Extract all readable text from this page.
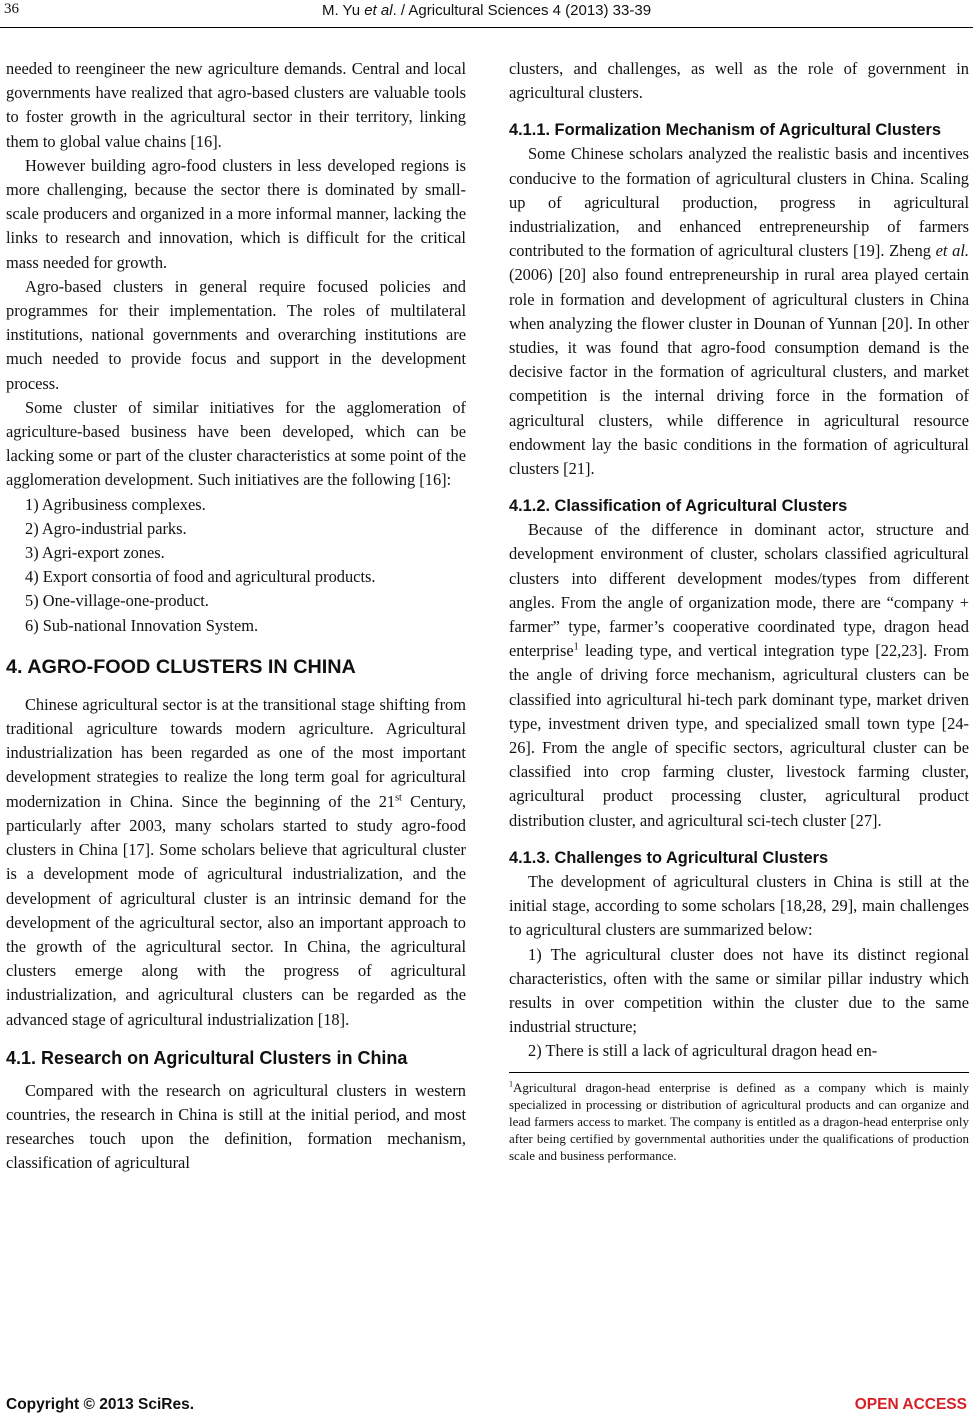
36	M. Yu et al. / Agricultural Sciences 4 (2013) 33-39

needed to reengineer the new agriculture demands. Central and local governments have realized that agro-based clusters are valuable tools to foster growth in the agricultural sector in their territory, linking them to global value chains [16].

However building agro-food clusters in less developed regions is more challenging, because the sector there is dominated by small-scale producers and organized in a more informal manner, lacking the links to research and innovation, which is difficult for the critical mass needed for growth.

Agro-based clusters in general require focused policies and programmes for their implementation. The roles of multilateral institutions, national governments and overarching institutions are much needed to provide focus and support in the development process.

Some cluster of similar initiatives for the agglomeration of agriculture-based business have been developed, which can be lacking some or part of the cluster characteristics at some point of the agglomeration development. Such initiatives are the following [16]:

1) Agribusiness complexes.

2) Agro-industrial parks.

3) Agri-export zones.

4) Export consortia of food and agricultural products.

5) One-village-one-product.

6) Sub-national Innovation System.

4. AGRO-FOOD CLUSTERS IN CHINA

Chinese agricultural sector is at the transitional stage shifting from traditional agriculture towards modern agriculture. Agricultural industrialization has been regarded as one of the most important development strategies to realize the long term goal for agricultural modernization in China. Since the beginning of the 21st Century, particularly after 2003, many scholars started to study agro-food clusters in China [17]. Some scholars believe that agricultural cluster is a development mode of agricultural industrialization, and the development of agricultural cluster is an intrinsic demand for the development of the agricultural sector, also an important approach to the growth of the agricultural sector. In China, the agricultural clusters emerge along with the progress of agricultural industrialization, and agricultural clusters can be regarded as the advanced stage of agricultural industrialization [18].

4.1. Research on Agricultural Clusters in China

Compared with the research on agricultural clusters in western countries, the research in China is still at the initial period, and most researches touch upon the definition, formation mechanism, classification of agricultural

clusters, and challenges, as well as the role of government in agricultural clusters.

4.1.1. Formalization Mechanism of Agricultural Clusters

Some Chinese scholars analyzed the realistic basis and incentives conducive to the formation of agricultural clusters in China. Scaling up of agricultural production, progress in agricultural industrialization, and enhanced entrepreneurship of farmers contributed to the formation of agricultural clusters [19]. Zheng et al. (2006) [20] also found entrepreneurship in rural area played certain role in formation and development of agricultural clusters in China when analyzing the flower cluster in Dounan of Yunnan [20]. In other studies, it was found that agro-food consumption demand is the decisive factor in the formation of agricultural clusters, and market competition is the internal driving force in the formation of agricultural clusters, while difference in agricultural resource endowment lay the basic conditions in the formation of agricultural clusters [21].

4.1.2. Classification of Agricultural Clusters

Because of the difference in dominant actor, structure and development environment of cluster, scholars classified agricultural clusters into different development modes/types from different angles. From the angle of organization mode, there are “company + farmer” type, farmer’s cooperative coordinated type, dragon head enterprise$^1$ leading type, and vertical integration type [22,23]. From the angle of driving force mechanism, agricultural clusters can be classified into agricultural hi-tech park dominant type, market driven type, investment driven type, and specialized small town type [24-26]. From the angle of specific sectors, agricultural cluster can be classified into crop farming cluster, livestock farming cluster, agricultural product processing cluster, agricultural product distribution cluster, and agricultural sci-tech cluster [27].

4.1.3. Challenges to Agricultural Clusters

The development of agricultural clusters in China is still at the initial stage, according to some scholars [18,28, 29], main challenges to agricultural clusters are summarized below:

1) The agricultural cluster does not have its distinct regional characteristics, often with the same or similar pillar industry which results in over competition within the cluster due to the same industrial structure;

2) There is still a lack of agricultural dragon head en-

$^1$Agricultural dragon-head enterprise is defined as a company which is mainly specialized in processing or distribution of agricultural products and can organize and lead farmers access to market. The company is entitled as a dragon-head enterprise only after being certified by governmental authorities under the qualifications of production scale and business performance.

Copyright © 2013 SciRes.	OPEN ACCESS
